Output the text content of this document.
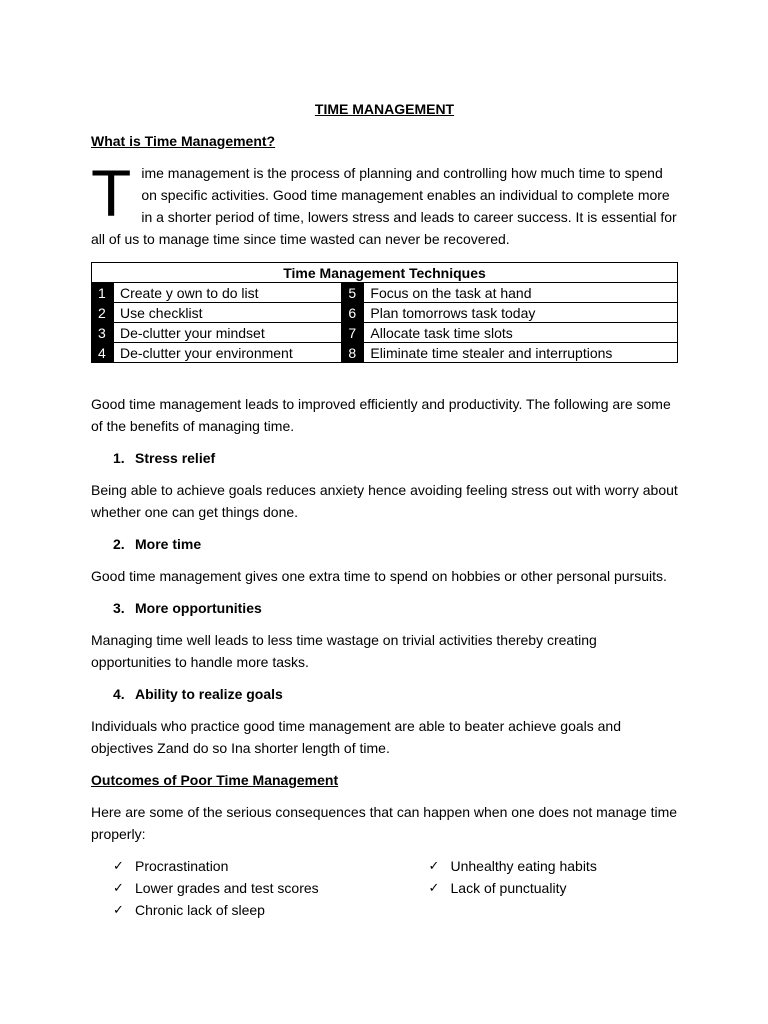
TIME MANAGEMENT

What is Time Management?

Time management is the process of planning and controlling how much time to spend on specific activities. Good time management enables an individual to complete more in a shorter period of time, lowers stress and leads to career success. It is essential for all of us to manage time since time wasted can never be recovered.

Time Management Techniques			
1	Create y own to do list	5	Focus on the task at hand
2	Use checklist	6	Plan tomorrows task today
3	De-clutter your mindset	7	Allocate task time slots
4	De-clutter your environment	8	Eliminate time stealer and interruptions

Good time management leads to improved efficiently and productivity. The following are some of the benefits of managing time.

1. Stress relief

Being able to achieve goals reduces anxiety hence avoiding feeling stress out with worry about whether one can get things done.

2. More time

Good time management gives one extra time to spend on hobbies or other personal pursuits.

3. More opportunities

Managing time well leads to less time wastage on trivial activities thereby creating opportunities to handle more tasks.

4. Ability to realize goals

Individuals who practice good time management are able to beater achieve goals and objectives Zand do so Ina shorter length of time.

Outcomes of Poor Time Management

Here are some of the serious consequences that can happen when one does not manage time properly:

✓ Procrastination
✓ Lower grades and test scores
✓ Chronic lack of sleep
✓ Unhealthy eating habits
✓ Lack of punctuality
